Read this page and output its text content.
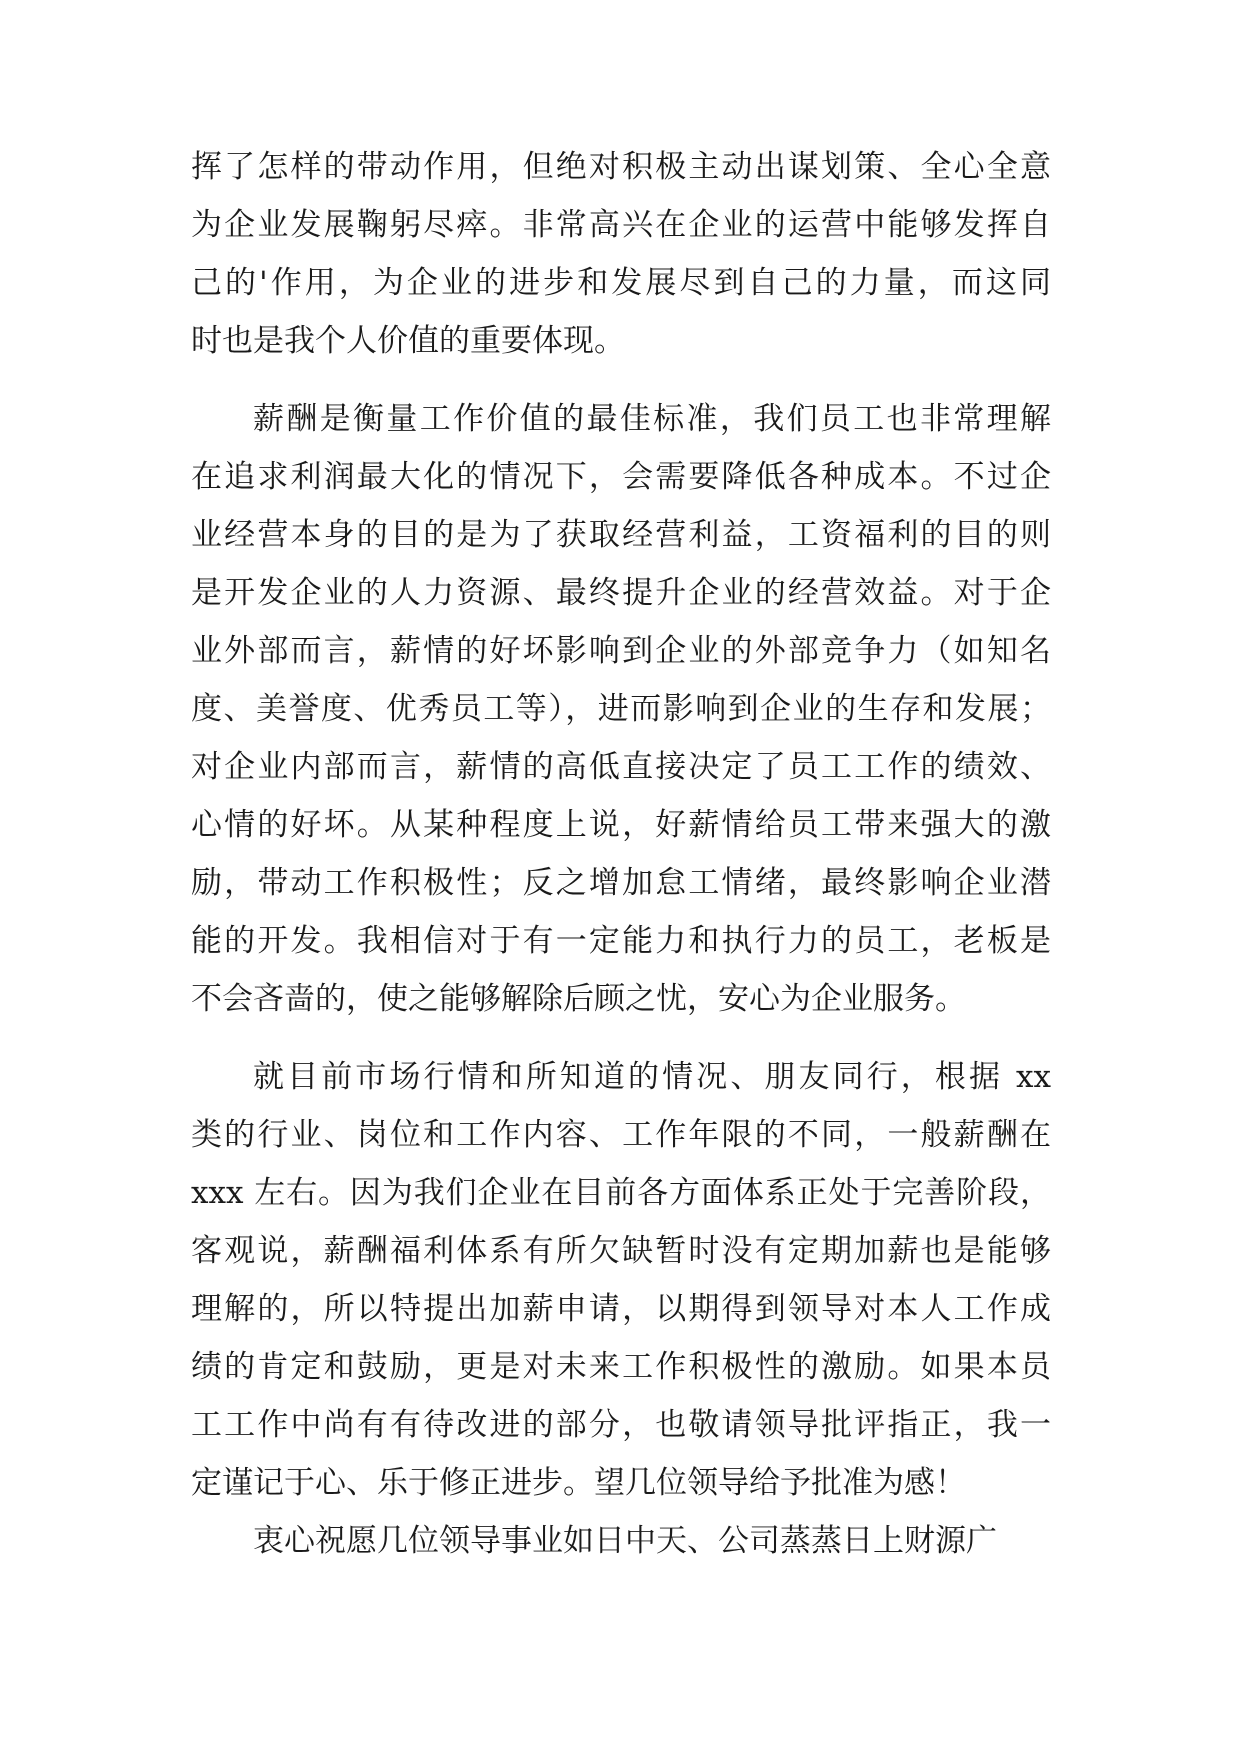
挥了怎样的带动作用，但绝对积极主动出谋划策、全心全意

为企业发展鞠躬尽瘁。非常高兴在企业的运营中能够发挥自

己的'作用，为企业的进步和发展尽到自己的力量，而这同

时也是我个人价值的重要体现。

薪酬是衡量工作价值的最佳标准，我们员工也非常理解

在追求利润最大化的情况下，会需要降低各种成本。不过企

业经营本身的目的是为了获取经营利益，工资福利的目的则

是开发企业的人力资源、最终提升企业的经营效益。对于企

业外部而言，薪情的好坏影响到企业的外部竞争力（如知名

度、美誉度、优秀员工等），进而影响到企业的生存和发展；

对企业内部而言，薪情的高低直接决定了员工工作的绩效、

心情的好坏。从某种程度上说，好薪情给员工带来强大的激

励，带动工作积极性；反之增加怠工情绪，最终影响企业潜

能的开发。我相信对于有一定能力和执行力的员工，老板是

不会吝啬的，使之能够解除后顾之忧，安心为企业服务。

就目前市场行情和所知道的情况、朋友同行，根据 xx

类的行业、岗位和工作内容、工作年限的不同，一般薪酬在

xxx 左右。因为我们企业在目前各方面体系正处于完善阶段，

客观说，薪酬福利体系有所欠缺暂时没有定期加薪也是能够

理解的，所以特提出加薪申请，以期得到领导对本人工作成

绩的肯定和鼓励，更是对未来工作积极性的激励。如果本员

工工作中尚有有待改进的部分，也敬请领导批评指正，我一

定谨记于心、乐于修正进步。望几位领导给予批准为感！

衷心祝愿几位领导事业如日中天、公司蒸蒸日上财源广
